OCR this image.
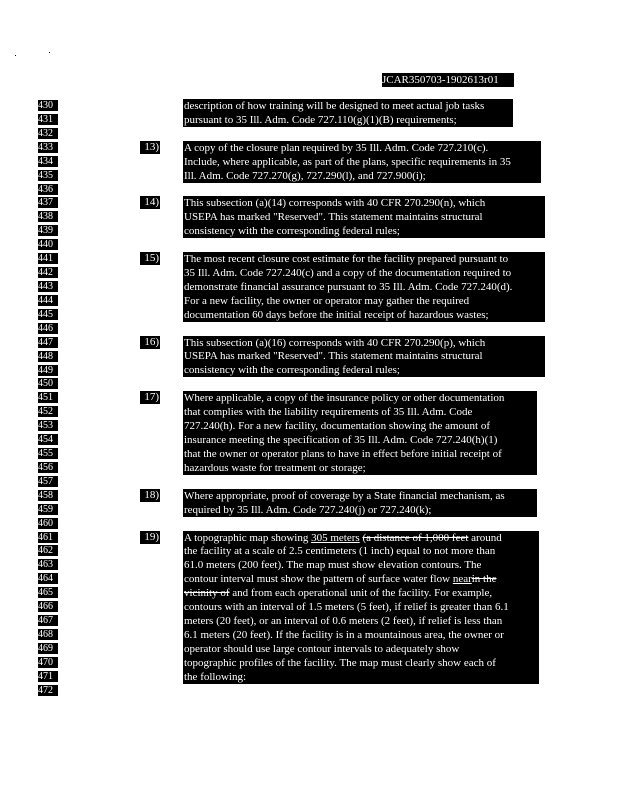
JCAR350703-1902613r01
430
431
432
433
434
435
436
437
438
439
440
441
442
443
444
445
446
447
448
449
450
451
452
453
454
455
456
457
458
459
460
461
462
463
464
465
466
467
468
469
470
471
472
description of how training will be designed to meet actual job tasks
pursuant to 35 Ill. Adm. Code 727.110(g)(1)(B) requirements;
13) A copy of the closure plan required by 35 Ill. Adm. Code 727.210(c).
Include, where applicable, as part of the plans, specific requirements in 35
Ill. Adm. Code 727.270(g), 727.290(l), and 727.900(i);
14) This subsection (a)(14) corresponds with 40 CFR 270.290(n), which
USEPA has marked "Reserved". This statement maintains structural
consistency with the corresponding federal rules;
15) The most recent closure cost estimate for the facility prepared pursuant to
35 Ill. Adm. Code 727.240(c) and a copy of the documentation required to
demonstrate financial assurance pursuant to 35 Ill. Adm. Code 727.240(d).
For a new facility, the owner or operator may gather the required
documentation 60 days before the initial receipt of hazardous wastes;
16) This subsection (a)(16) corresponds with 40 CFR 270.290(p), which
USEPA has marked "Reserved". This statement maintains structural
consistency with the corresponding federal rules;
17) Where applicable, a copy of the insurance policy or other documentation
that complies with the liability requirements of 35 Ill. Adm. Code
727.240(h). For a new facility, documentation showing the amount of
insurance meeting the specification of 35 Ill. Adm. Code 727.240(h)(1)
that the owner or operator plans to have in effect before initial receipt of
hazardous waste for treatment or storage;
18) Where appropriate, proof of coverage by a State financial mechanism, as
required by 35 Ill. Adm. Code 727.240(j) or 727.240(k);
19) A topographic map showing 305 meters (a distance of 1,000 feet around
the facility at a scale of 2.5 centimeters (1 inch) equal to not more than
61.0 meters (200 feet). The map must show elevation contours. The
contour interval must show the pattern of surface water flow nearin the
vicinity of and from each operational unit of the facility. For example,
contours with an interval of 1.5 meters (5 feet), if relief is greater than 6.1
meters (20 feet), or an interval of 0.6 meters (2 feet), if relief is less than
6.1 meters (20 feet). If the facility is in a mountainous area, the owner or
operator should use large contour intervals to adequately show
topographic profiles of the facility. The map must clearly show each of
the following:
